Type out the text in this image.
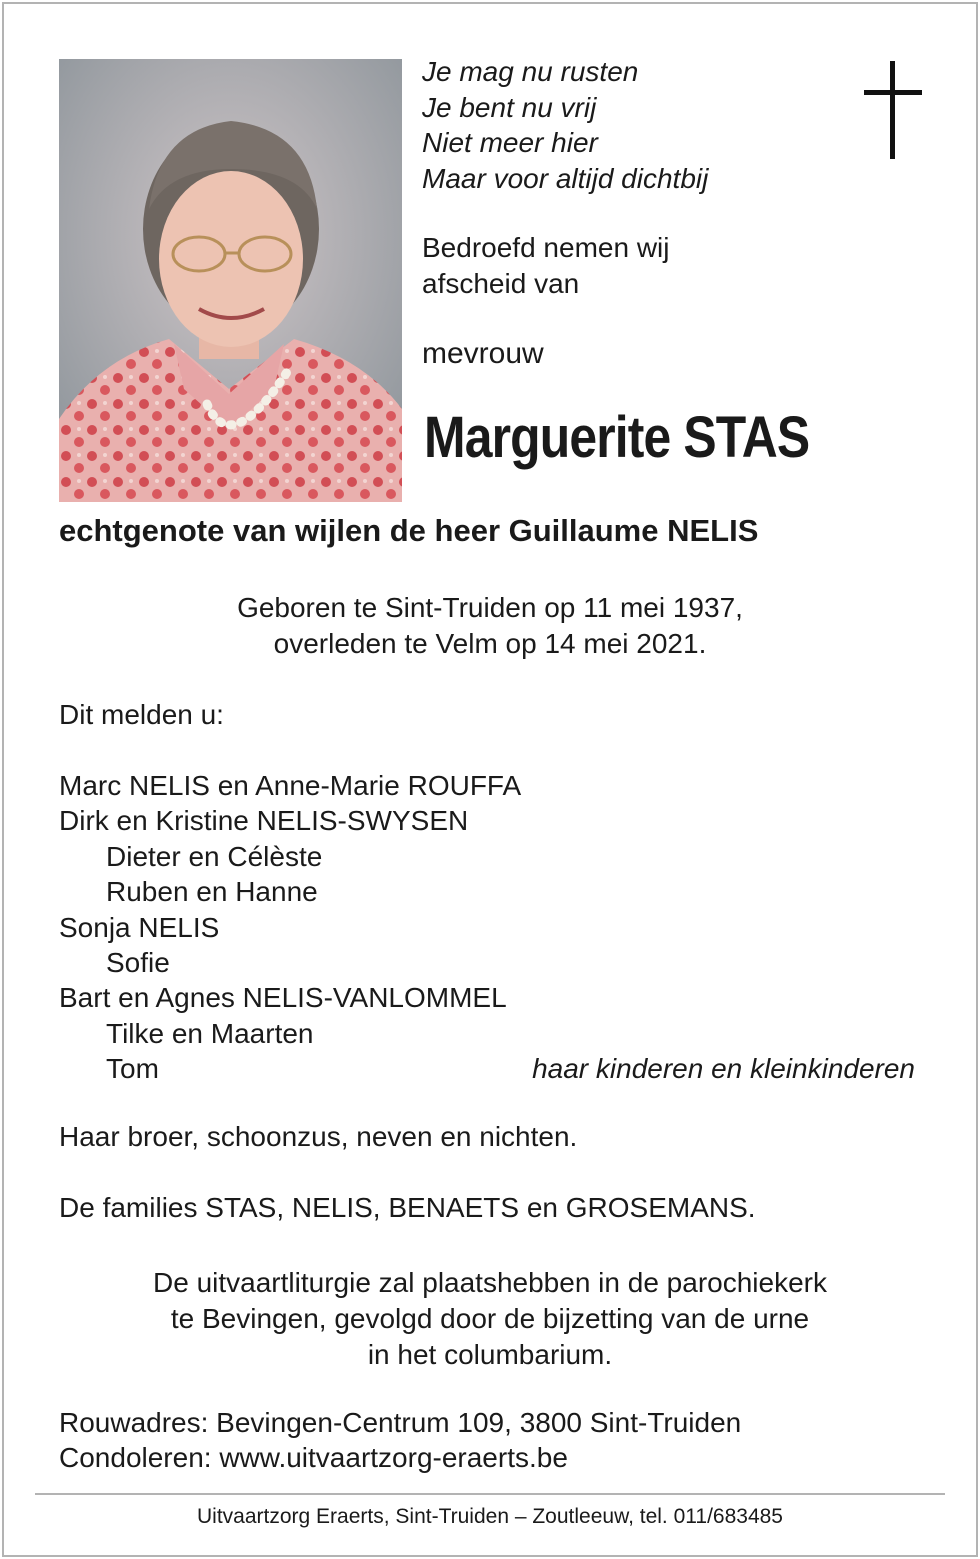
Je mag nu rusten
Je bent nu vrij
Niet meer hier
Maar voor altijd dichtbij
Bedroefd nemen wij
afscheid van
mevrouw
Marguerite STAS
echtgenote van wijlen de heer Guillaume NELIS
Geboren te Sint-Truiden op 11 mei 1937,
overleden te Velm op 14 mei 2021.
Dit melden u:
Marc NELIS en Anne-Marie ROUFFA
Dirk en Kristine NELIS-SWYSEN
Dieter en Célèste
Ruben en Hanne
Sonja NELIS
Sofie
Bart en Agnes NELIS-VANLOMMEL
Tilke en Maarten
Tom	haar kinderen en kleinkinderen
Haar broer, schoonzus, neven en nichten.
De families STAS, NELIS, BENAETS en GROSEMANS.
De uitvaartliturgie zal plaatshebben in de parochiekerk
te Bevingen, gevolgd door de bijzetting van de urne
in het columbarium.
Rouwadres: Bevingen-Centrum 109, 3800 Sint-Truiden
Condoleren: www.uitvaartzorg-eraerts.be
Uitvaartzorg Eraerts, Sint-Truiden – Zoutleeuw, tel. 011/683485
